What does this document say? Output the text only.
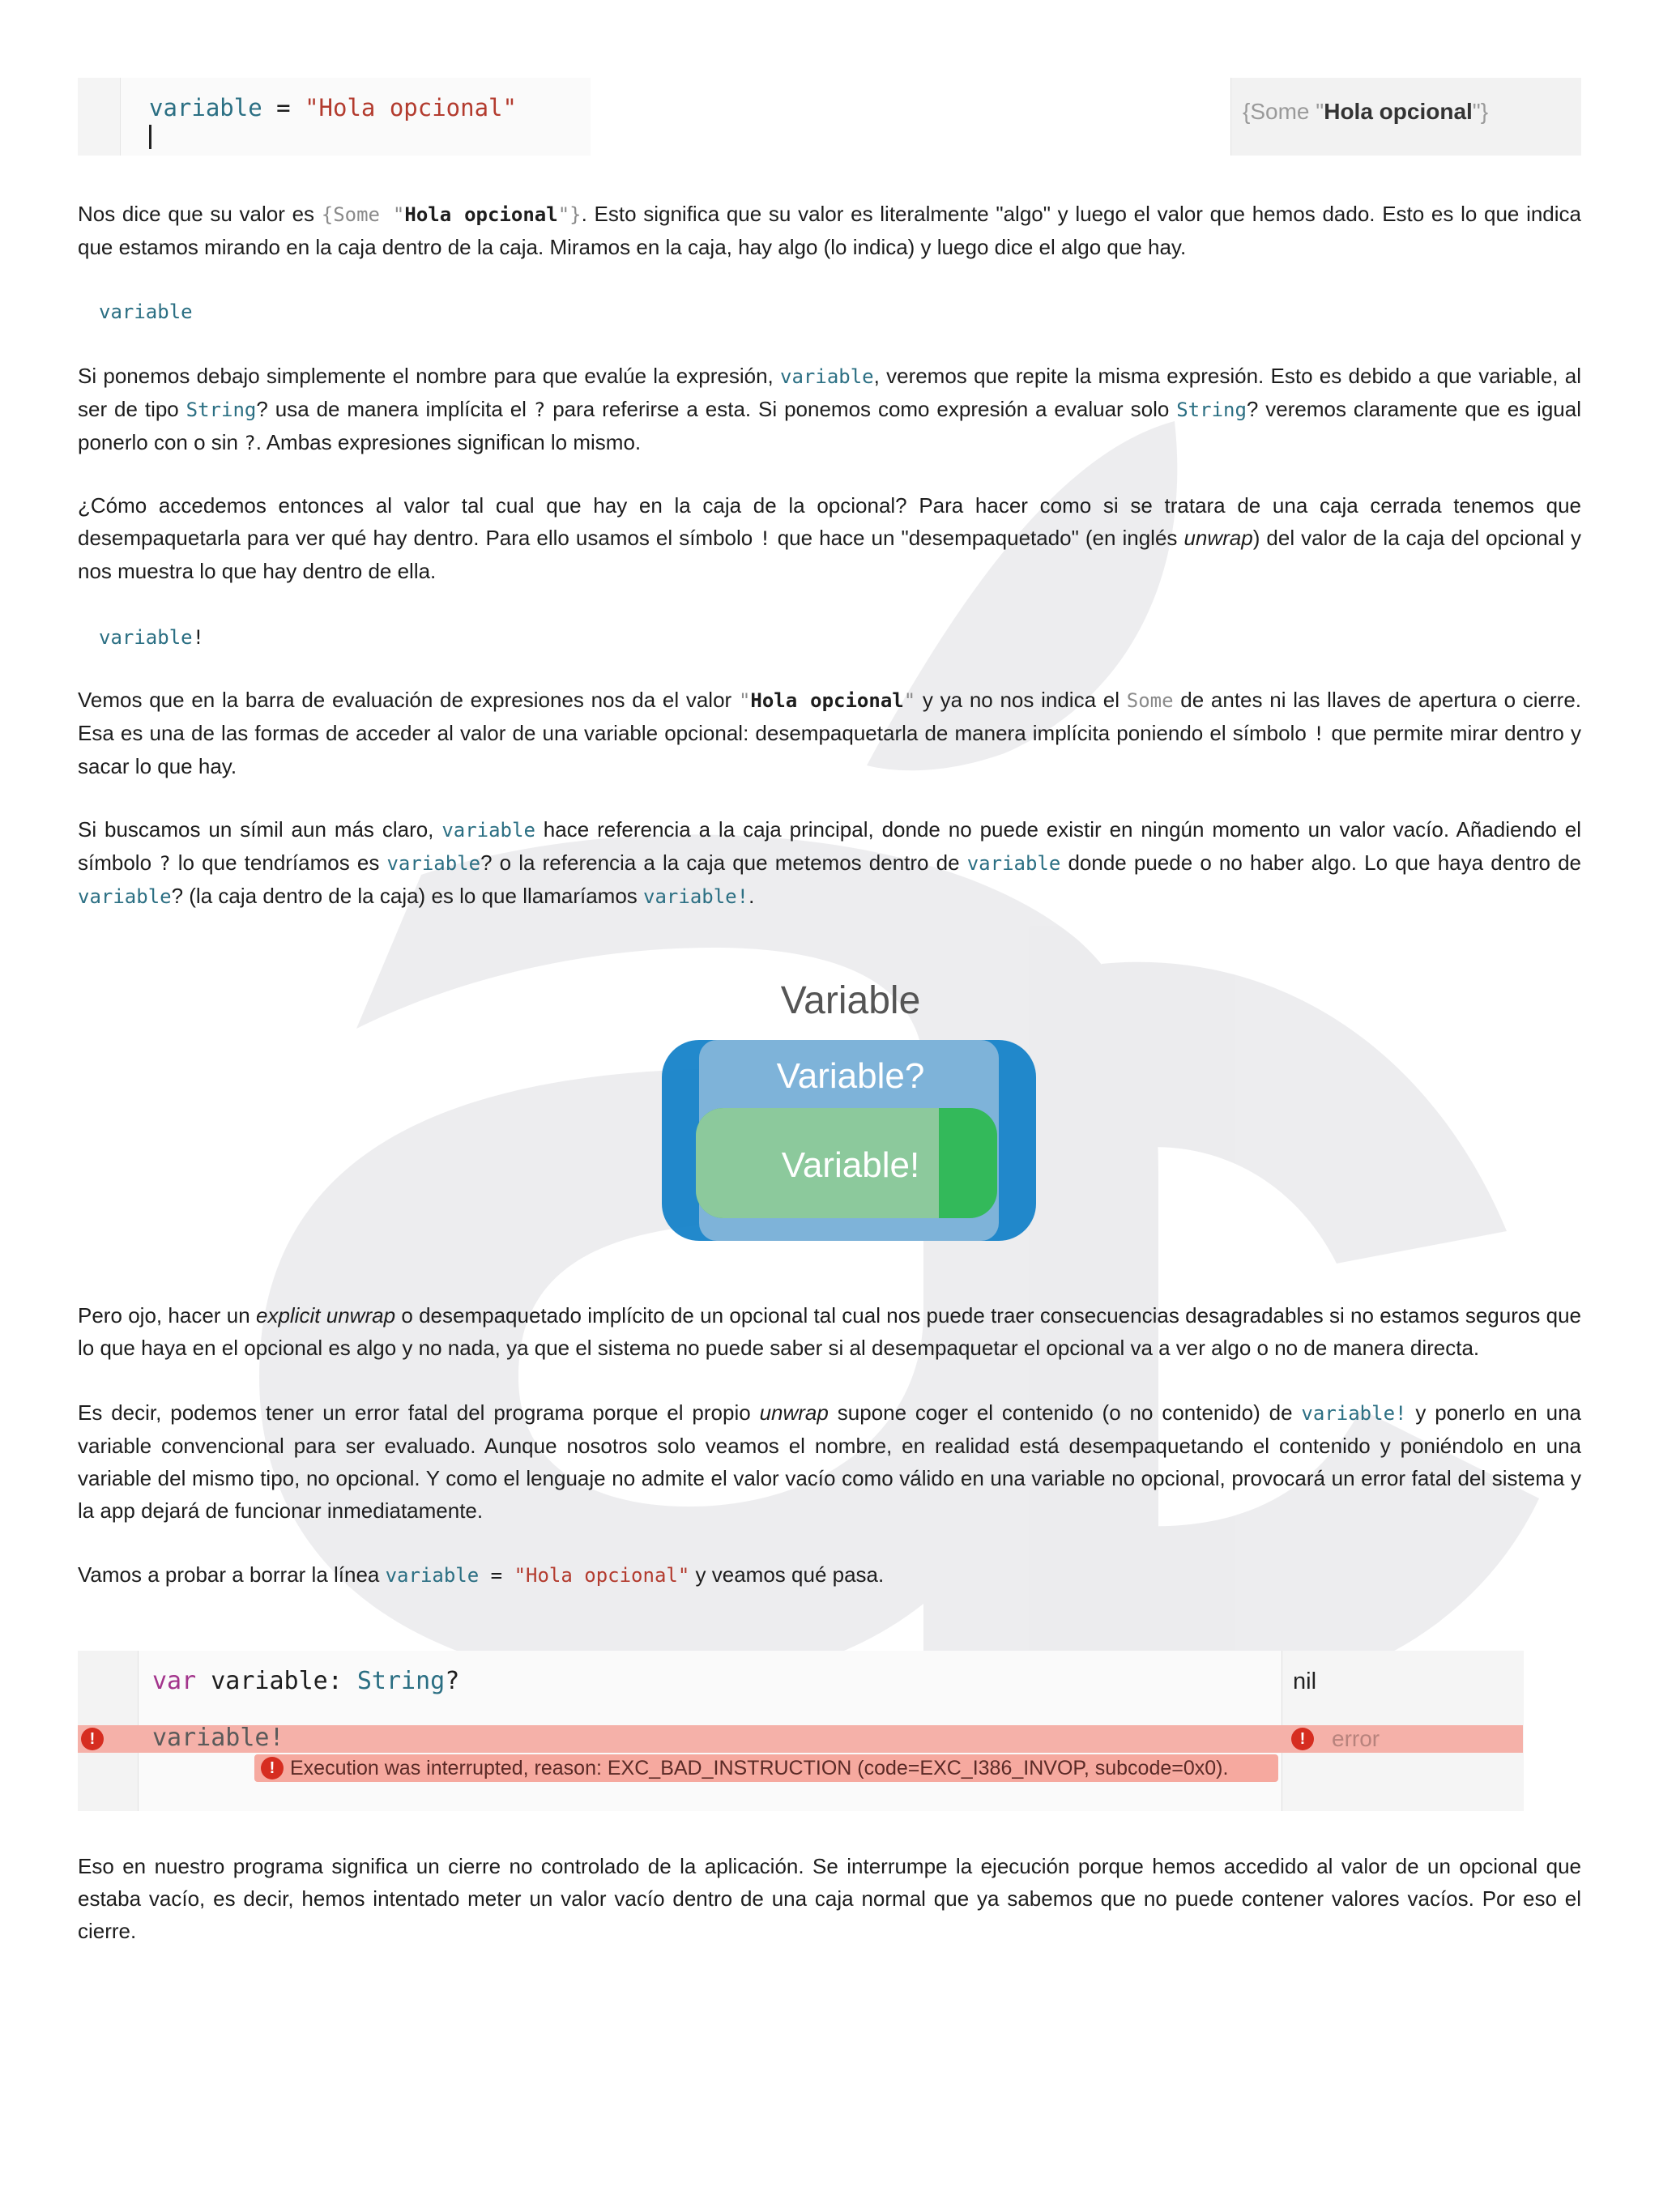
variable = "Hola opcional"	{Some "Hola opcional"}

Nos dice que su valor es {Some "Hola opcional"}. Esto significa que su valor es literalmente "algo" y luego el valor que hemos dado. Esto es lo que indica que estamos mirando en la caja dentro de la caja. Miramos en la caja, hay algo (lo indica) y luego dice el algo que hay.

variable

Si ponemos debajo simplemente el nombre para que evalúe la expresión, variable, veremos que repite la misma expresión. Esto es debido a que variable, al ser de tipo String? usa de manera implícita el ? para referirse a esta. Si ponemos como expresión a evaluar solo String? veremos claramente que es igual ponerlo con o sin ?. Ambas expresiones significan lo mismo.

¿Cómo accedemos entonces al valor tal cual que hay en la caja de la opcional? Para hacer como si se tratara de una caja cerrada tenemos que desempaquetarla para ver qué hay dentro. Para ello usamos el símbolo ! que hace un "desempaquetado" (en inglés unwrap) del valor de la caja del opcional y nos muestra lo que hay dentro de ella.

variable!

Vemos que en la barra de evaluación de expresiones nos da el valor "Hola opcional" y ya no nos indica el Some de antes ni las llaves de apertura o cierre. Esa es una de las formas de acceder al valor de una variable opcional: desempaquetarla de manera implícita poniendo el símbolo ! que permite mirar dentro y sacar lo que hay.

Si buscamos un símil aun más claro, variable hace referencia a la caja principal, donde no puede existir en ningún momento un valor vacío. Añadiendo el símbolo ? lo que tendríamos es variable? o la referencia a la caja que metemos dentro de variable donde puede o no haber algo. Lo que haya dentro de variable? (la caja dentro de la caja) es lo que llamaríamos variable!.

Variable
Variable?
Variable!

Pero ojo, hacer un explicit unwrap o desempaquetado implícito de un opcional tal cual nos puede traer consecuencias desagradables si no estamos seguros que lo que haya en el opcional es algo y no nada, ya que el sistema no puede saber si al desempaquetar el opcional va a ver algo o no de manera directa.

Es decir, podemos tener un error fatal del programa porque el propio unwrap supone coger el contenido (o no contenido) de variable! y ponerlo en una variable convencional para ser evaluado. Aunque nosotros solo veamos el nombre, en realidad está desempaquetando el contenido y poniéndolo en una variable del mismo tipo, no opcional. Y como el lenguaje no admite el valor vacío como válido en una variable no opcional, provocará un error fatal del sistema y la app dejará de funcionar inmediatamente.

Vamos a probar a borrar la línea variable = "Hola opcional" y veamos qué pasa.

var variable: String?	nil
!	variable!	!	error
! Execution was interrupted, reason: EXC_BAD_INSTRUCTION (code=EXC_I386_INVOP, subcode=0x0).

Eso en nuestro programa significa un cierre no controlado de la aplicación. Se interrumpe la ejecución porque hemos accedido al valor de un opcional que estaba vacío, es decir, hemos intentado meter un valor vacío dentro de una caja normal que ya sabemos que no puede contener valores vacíos. Por eso el cierre.
